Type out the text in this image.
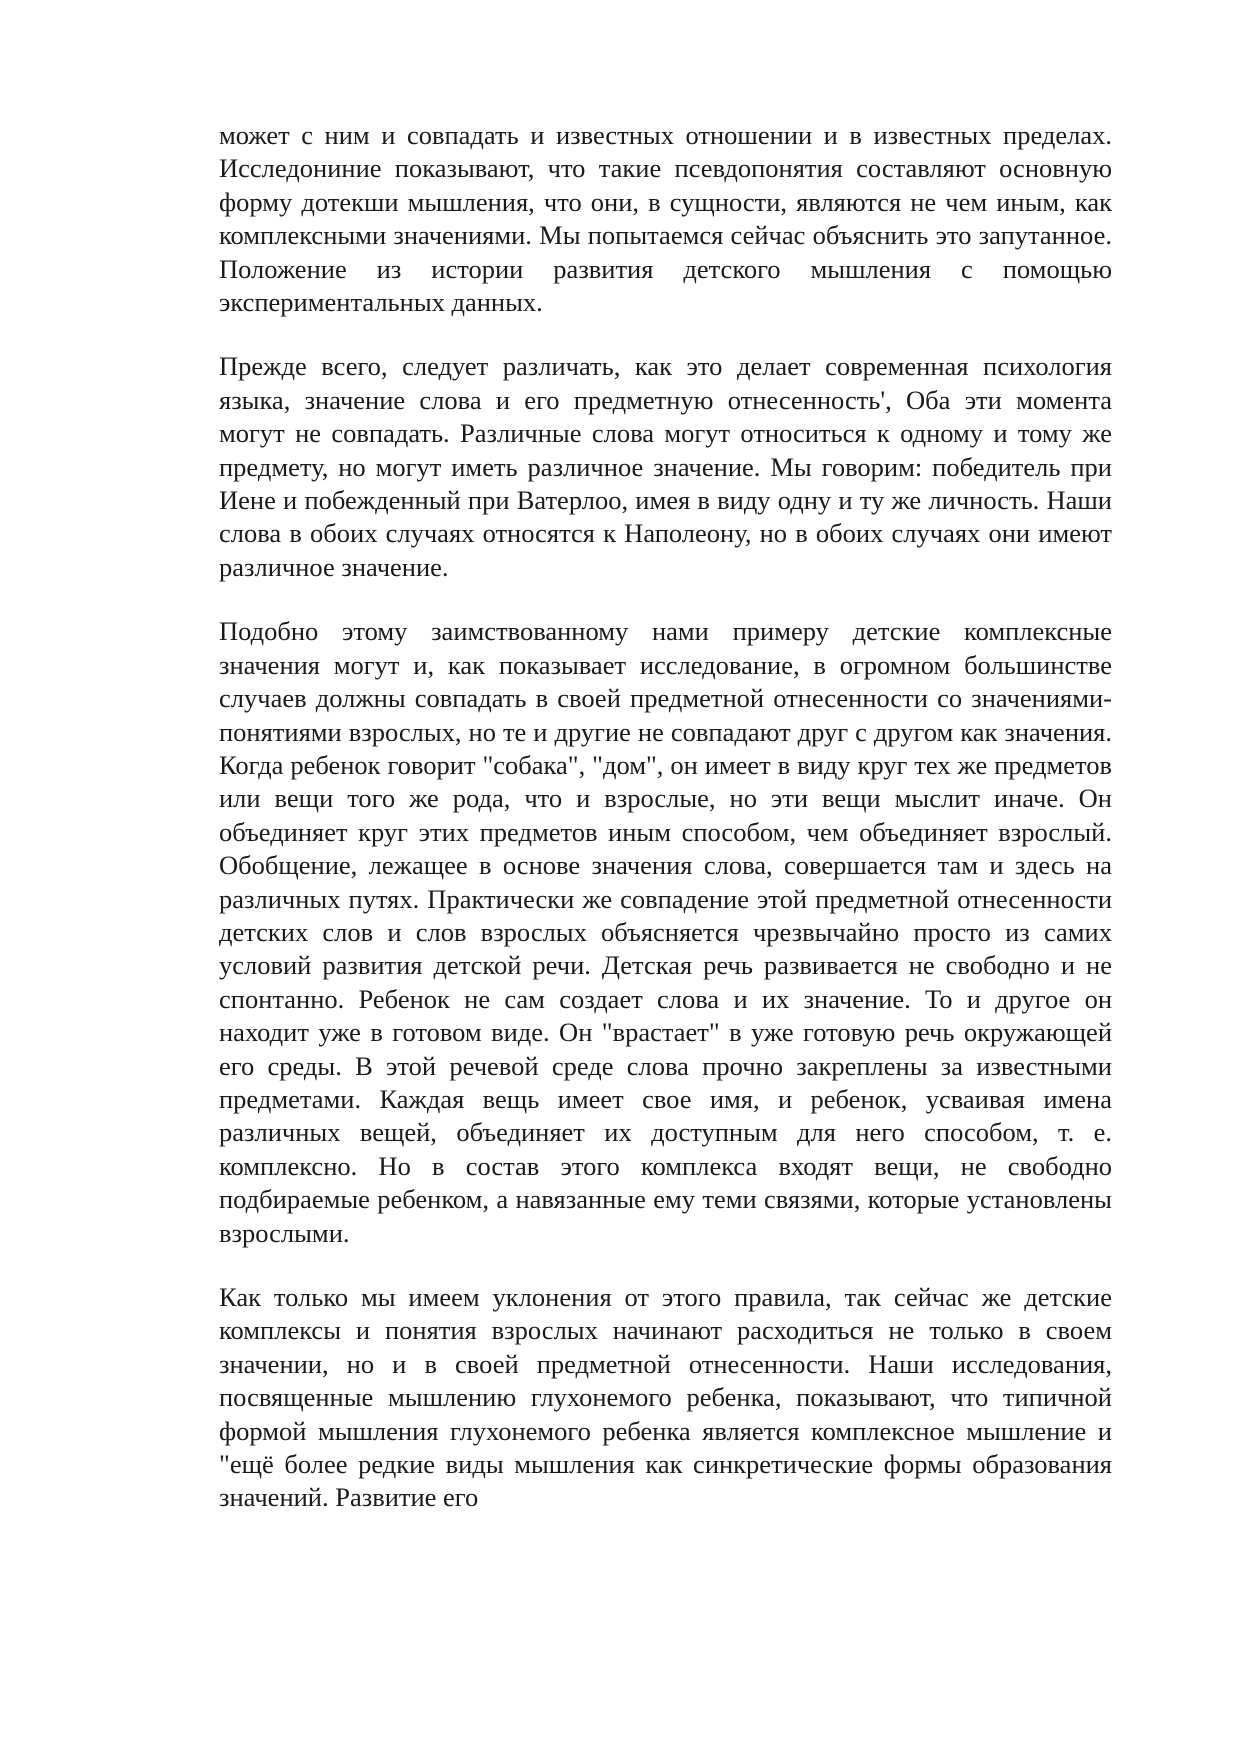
может с ним и совпадать и известных отношении и в известных пределах. Исследониние показывают, что такие псевдопонятия составляют основную форму дотекши мышления, что они, в сущности, являются не чем иным, как комплексными значениями. Мы попытаемся сейчас объяснить это запутанное. Положение из истории развития детского мышления с помощью экспериментальных данных.

Прежде всего, следует различать, как это делает современная психология языка, значение слова и его предметную отнесенность', Оба эти момента могут не совпадать. Различные слова могут относиться к одному и тому же предмету, но могут иметь различное значение. Мы говорим: победитель при Иене и побежденный при Ватерлоо, имея в виду одну и ту же личность. Наши слова в обоих случаях относятся к Наполеону, но в обоих случаях они имеют различное значение.

Подобно этому заимствованному нами примеру детские комплексные значения могут и, как показывает исследование, в огромном большинстве случаев должны совпадать в своей предметной отнесенности со значениями-понятиями взрослых, но те и другие не совпадают друг с другом как значения. Когда ребенок говорит "собака", "дом", он имеет в виду круг тех же предметов или вещи того же рода, что и взрослые, но эти вещи мыслит иначе. Он объединяет круг этих предметов иным способом, чем объединяет взрослый. Обобщение, лежащее в основе значения слова, совершается там и здесь на различных путях. Практически же совпадение этой предметной отнесенности детских слов и слов взрослых объясняется чрезвычайно просто из самих условий развития детской речи. Детская речь развивается не свободно и не спонтанно. Ребенок не сам создает слова и их значение. То и другое он находит уже в готовом виде. Он "врастает" в уже готовую речь окружающей его среды. В этой речевой среде слова прочно закреплены за известными предметами. Каждая вещь имеет свое имя, и ребенок, усваивая имена различных вещей, объединяет их доступным для него способом, т. е. комплексно. Но в состав этого комплекса входят вещи, не свободно подбираемые ребенком, а навязанные ему теми связями, которые установлены взрослыми.

Как только мы имеем уклонения от этого правила, так сейчас же детские комплексы и понятия взрослых начинают расходиться не только в своем значении, но и в своей предметной отнесенности. Наши исследования, посвященные мышлению глухонемого ребенка, показывают, что типичной формой мышления глухонемого ребенка является комплексное мышление и "ещё более редкие виды мышления как синкретические формы образования значений. Развитие его
